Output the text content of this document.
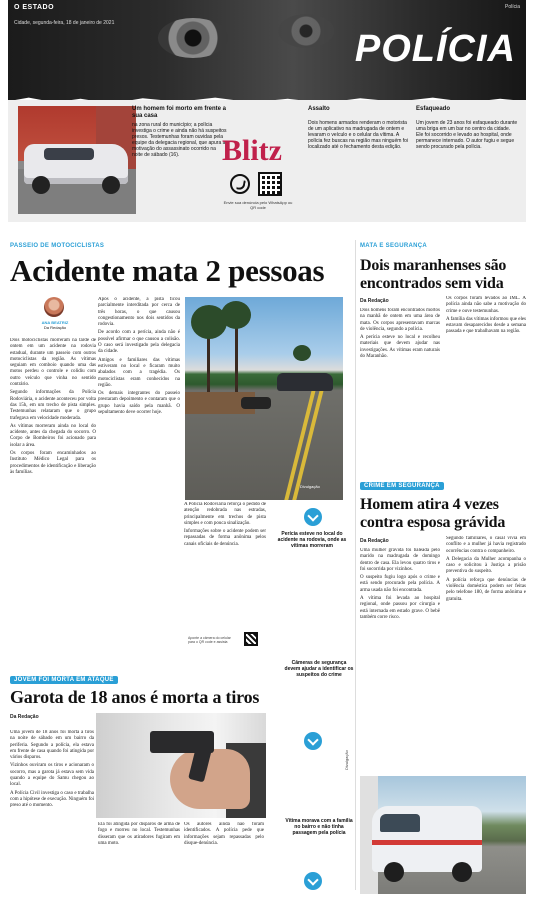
O ESTADO
Cidade, segunda-feira, 18 de janeiro de 2021
Polícia
POLÍCIA
Um homem foi morto em frente a sua casa
na zona rural do município; a polícia investiga o crime e ainda não há suspeitos presos. Testemunhas foram ouvidas pela equipe da delegacia regional, que apura a motivação do assassinato ocorrido na noite de sábado (16).	Blitz
Envie sua denúncia pelo WhatsApp ou QR code
Assalto
Dois homens armados renderam o motorista de um aplicativo na madrugada de ontem e levaram o veículo e o celular da vítima. A polícia fez buscas na região mas ninguém foi localizado até o fechamento desta edição.
Esfaqueado
Um jovem de 23 anos foi esfaqueado durante uma briga em um bar no centro da cidade. Ele foi socorrido e levado ao hospital, onde permanece internado. O autor fugiu e segue sendo procurado pela polícia.
PASSEIO DE MOTOCICLISTAS
Acidente mata 2 pessoas
ANA BEATRIZ
Da Redação

Dois motociclistas morreram na tarde de ontem em um acidente na rodovia estadual, durante um passeio com outros motociclistas da região. As vítimas seguiam em comboio quando uma das motos perdeu o controle e colidiu com outro veículo que vinha no sentido contrário.

Segundo informações da Polícia Rodoviária, o acidente aconteceu por volta das 15h, em um trecho de pista simples. Testemunhas relataram que o grupo trafegava em velocidade moderada.

As vítimas morreram ainda no local do acidente, antes da chegada do socorro. O Corpo de Bombeiros foi acionado para isolar a área.

Os corpos foram encaminhados ao Instituto Médico Legal para os procedimentos de identificação e liberação às famílias.

Após o acidente, a pista ficou parcialmente interditada por cerca de três horas, o que causou congestionamento nos dois sentidos da rodovia.

De acordo com a perícia, ainda não é possível afirmar o que causou a colisão. O caso será investigado pela delegacia da cidade.

Amigos e familiares das vítimas estiveram no local e ficaram muito abalados com a tragédia. Os motociclistas eram conhecidos na região.

Os demais integrantes do passeio prestaram depoimento e contaram que o grupo havia saído pela manhã. O sepultamento deve ocorrer hoje.

Divulgação

A Polícia Rodoviária reforça o pedido de atenção redobrada nas estradas, principalmente em trechos de pista simples e com pouca sinalização.

Informações sobre o acidente podem ser repassadas de forma anônima pelos canais oficiais de denúncia.

Perícia esteve no local do acidente na rodovia, onde as vítimas morreram
Aponte a câmera do celular para o QR code e assista
JOVEM FOI MORTA EM ATAQUE
Garota de 18 anos é morta a tiros
Da Redação

Uma jovem de 18 anos foi morta a tiros na noite de sábado em um bairro da periferia. Segundo a polícia, ela estava em frente de casa quando foi atingida por vários disparos.

Vizinhos ouviram os tiros e acionaram o socorro, mas a garota já estava sem vida quando a equipe do Samu chegou ao local.

A Polícia Civil investiga o caso e trabalha com a hipótese de execução. Ninguém foi preso até o momento.

Ela foi atingida por disparos de arma de fogo e morreu no local. Testemunhas disseram que os atiradores fugiram em uma moto.

Os autores ainda não foram identificados. A polícia pede que informações sejam repassadas pelo disque-denúncia.

Câmeras de segurança devem ajudar a identificar os suspeitos do crime
Vítima morava com a família no bairro e não tinha passagem pela polícia
MATA E SEGURANÇA
Dois maranhenses são encontrados sem vida
Da Redação

Dois homens foram encontrados mortos na manhã de ontem em uma área de mata. Os corpos apresentavam marcas de violência, segundo a polícia.

A perícia esteve no local e recolheu materiais que devem ajudar nas investigações. As vítimas eram naturais do Maranhão.

Os corpos foram levados ao IML. A polícia ainda não sabe a motivação do crime e ouve testemunhas.

A família das vítimas informou que eles estavam desaparecidos desde a semana passada e que trabalhavam na região.

CRIME EM SEGURANÇA
Homem atira 4 vezes contra esposa grávida
Da Redação

Uma mulher grávida foi baleada pelo marido na madrugada de domingo dentro de casa. Ela levou quatro tiros e foi socorrida por vizinhos.

O suspeito fugiu logo após o crime e está sendo procurado pela polícia. A arma usada não foi encontrada.

A vítima foi levada ao hospital regional, onde passou por cirurgia e está internada em estado grave. O bebê também corre risco.

Segundo familiares, o casal vivia em conflito e a mulher já havia registrado ocorrências contra o companheiro.

A Delegacia da Mulher acompanha o caso e solicitou à Justiça a prisão preventiva do suspeito.

A polícia reforça que denúncias de violência doméstica podem ser feitas pelo telefone 180, de forma anônima e gratuita.

Divulgação
